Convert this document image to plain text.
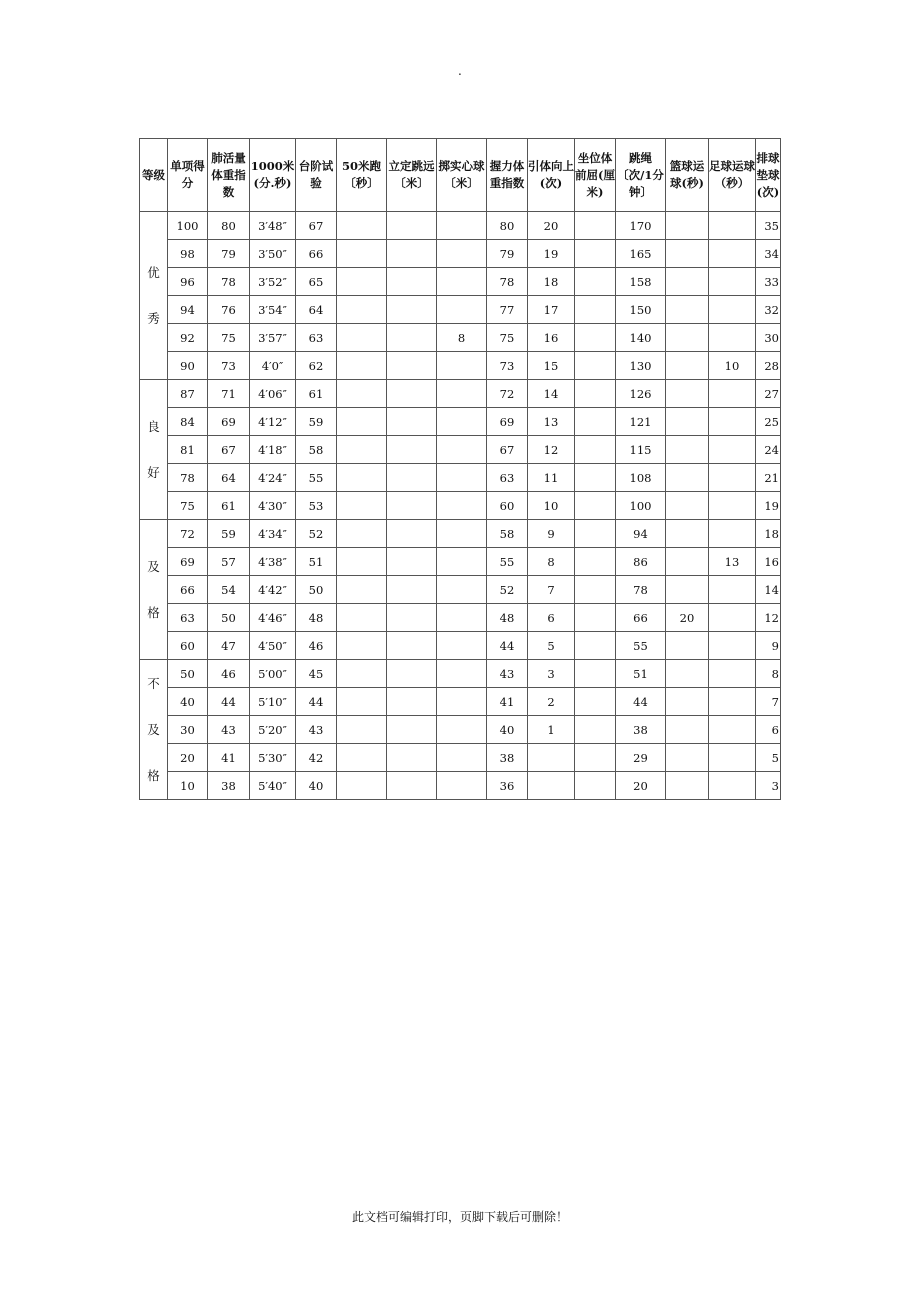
.
等级	单项得分	肺活量体重指数	1000米(分.秒)	台阶试验	50米跑〔秒〕	立定跳远〔米〕	掷实心球〔米〕	握力体重指数	引体向上(次)	坐位体前屈(厘米)	跳绳〔次/1分钟〕	篮球运球(秒)	足球运球（秒）	排球垫球(次)
优秀	100	80	3′48″	67				80	20		170			35
	98	79	3′50″	66				79	19		165			34
	96	78	3′52″	65				78	18		158			33
	94	76	3′54″	64				77	17		150			32
	92	75	3′57″	63			8	75	16		140			30
	90	73	4′0″	62				73	15		130		10	28
良好	87	71	4′06″	61				72	14		126			27
	84	69	4′12″	59				69	13		121			25
	81	67	4′18″	58				67	12		115			24
	78	64	4′24″	55				63	11		108			21
	75	61	4′30″	53				60	10		100			19
及格	72	59	4′34″	52				58	9		94			18
	69	57	4′38″	51				55	8		86		13	16
	66	54	4′42″	50				52	7		78			14
	63	50	4′46″	48				48	6		66	20		12
	60	47	4′50″	46				44	5		55			9
不及格	50	46	5′00″	45				43	3		51			8
	40	44	5′10″	44				41	2		44			7
	30	43	5′20″	43				40	1		38			6
	20	41	5′30″	42				38			29			5
	10	38	5′40″	40				36			20			3
此文档可编辑打印，页脚下载后可删除！
